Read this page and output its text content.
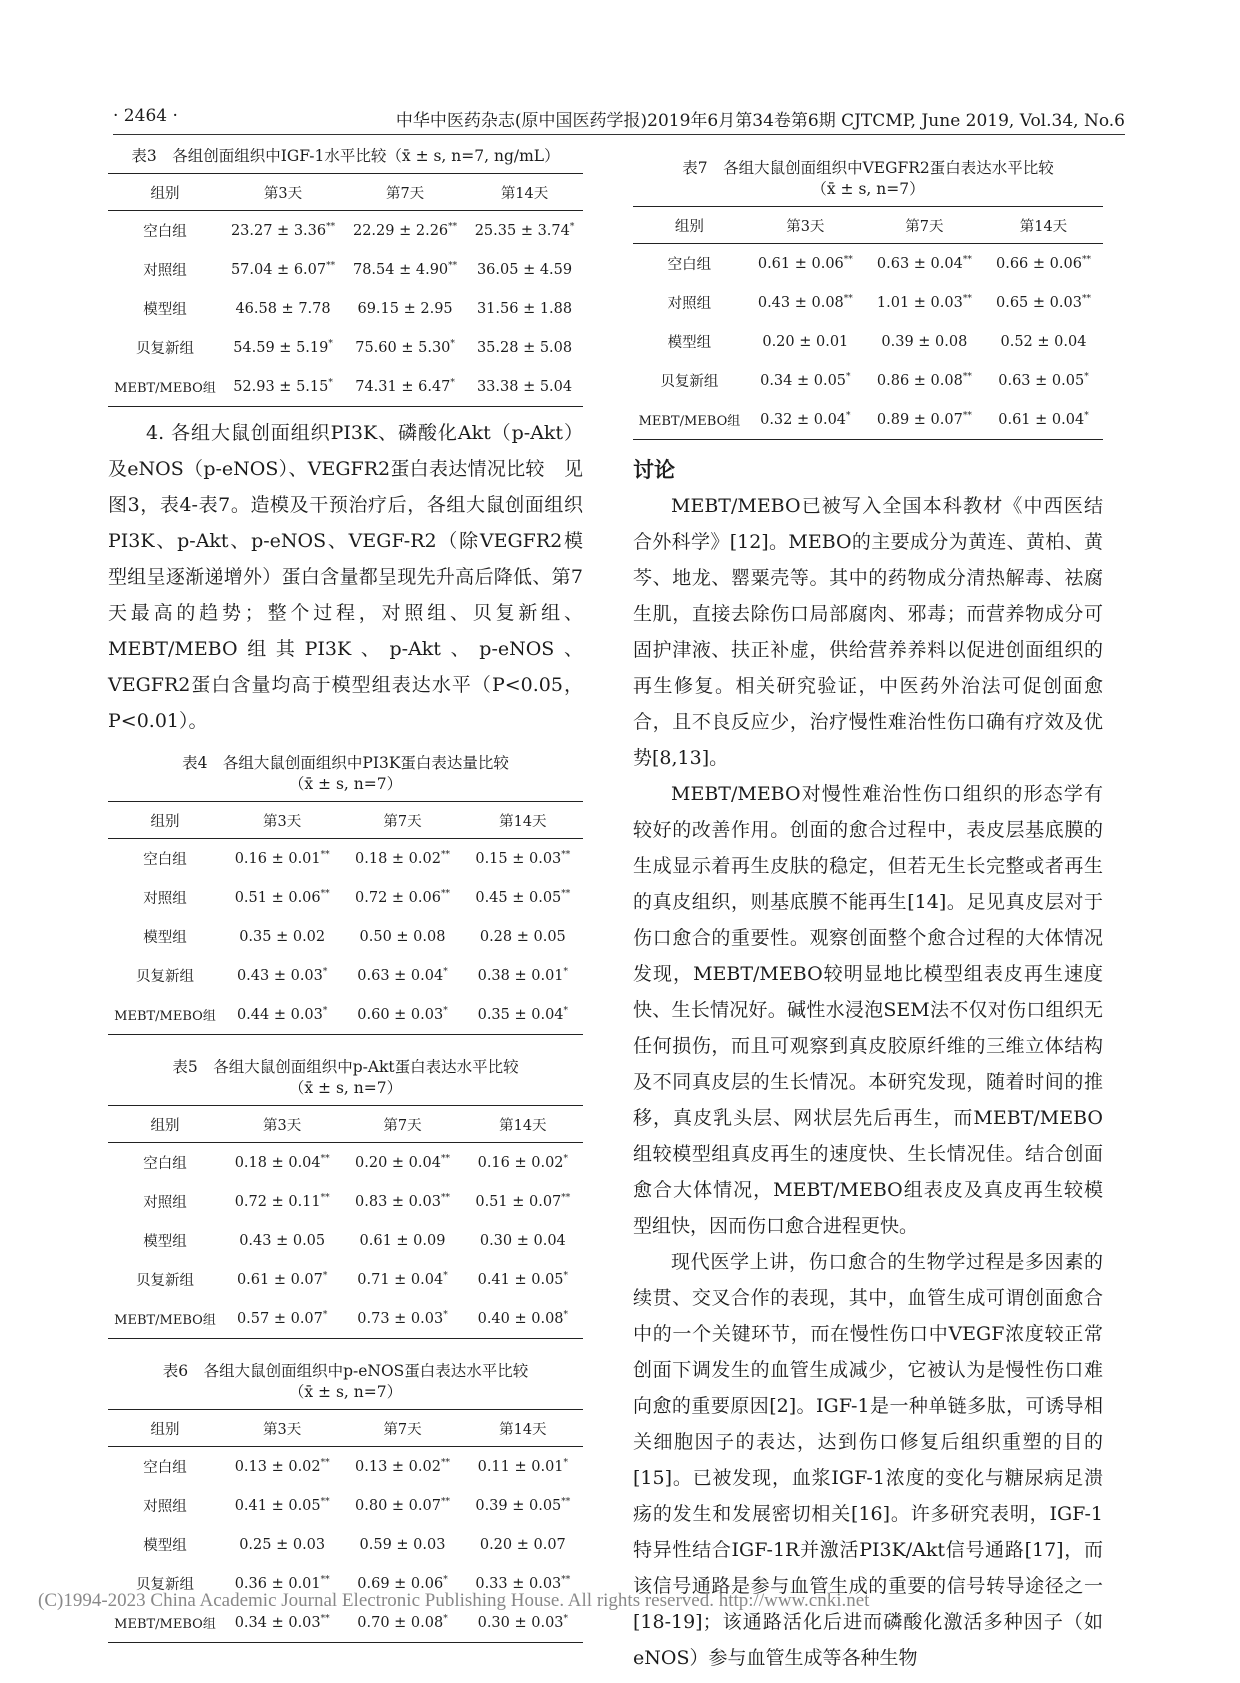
· 2464 ·	中华中医药杂志(原中国医药学报)2019年6月第34卷第6期 CJTCMP, June 2019, Vol.34, No.6

表3　各组创面组织中IGF-1水平比较（x̄ ± s, n=7, ng/mL）

组别	第3天	第7天	第14天
空白组	23.27 ± 3.36**	22.29 ± 2.26**	25.35 ± 3.74*
对照组	57.04 ± 6.07**	78.54 ± 4.90**	36.05 ± 4.59
模型组	46.58 ± 7.78	69.15 ± 2.95	31.56 ± 1.88
贝复新组	54.59 ± 5.19*	75.60 ± 5.30*	35.28 ± 5.08
MEBT/MEBO组	52.93 ± 5.15*	74.31 ± 6.47*	33.38 ± 5.04

4. 各组大鼠创面组织PI3K、磷酸化Akt（p-Akt）及eNOS（p-eNOS）、VEGFR2蛋白表达情况比较　见图3，表4-表7。造模及干预治疗后，各组大鼠创面组织PI3K、p-Akt、p-eNOS、VEGF-R2（除VEGFR2模型组呈逐渐递增外）蛋白含量都呈现先升高后降低、第7天最高的趋势；整个过程，对照组、贝复新组、MEBT/MEBO组其PI3K、p-Akt、p-eNOS、VEGFR2蛋白含量均高于模型组表达水平（P<0.05，P<0.01）。

表4　各组大鼠创面组织中PI3K蛋白表达量比较

（x̄ ± s, n=7）

组别	第3天	第7天	第14天
空白组	0.16 ± 0.01**	0.18 ± 0.02**	0.15 ± 0.03**
对照组	0.51 ± 0.06**	0.72 ± 0.06**	0.45 ± 0.05**
模型组	0.35 ± 0.02	0.50 ± 0.08	0.28 ± 0.05
贝复新组	0.43 ± 0.03*	0.63 ± 0.04*	0.38 ± 0.01*
MEBT/MEBO组	0.44 ± 0.03*	0.60 ± 0.03*	0.35 ± 0.04*

表5　各组大鼠创面组织中p-Akt蛋白表达水平比较

（x̄ ± s, n=7）

组别	第3天	第7天	第14天
空白组	0.18 ± 0.04**	0.20 ± 0.04**	0.16 ± 0.02*
对照组	0.72 ± 0.11**	0.83 ± 0.03**	0.51 ± 0.07**
模型组	0.43 ± 0.05	0.61 ± 0.09	0.30 ± 0.04
贝复新组	0.61 ± 0.07*	0.71 ± 0.04*	0.41 ± 0.05*
MEBT/MEBO组	0.57 ± 0.07*	0.73 ± 0.03*	0.40 ± 0.08*

表6　各组大鼠创面组织中p-eNOS蛋白表达水平比较

（x̄ ± s, n=7）

组别	第3天	第7天	第14天
空白组	0.13 ± 0.02**	0.13 ± 0.02**	0.11 ± 0.01*
对照组	0.41 ± 0.05**	0.80 ± 0.07**	0.39 ± 0.05**
模型组	0.25 ± 0.03	0.59 ± 0.03	0.20 ± 0.07
贝复新组	0.36 ± 0.01**	0.69 ± 0.06*	0.33 ± 0.03**
MEBT/MEBO组	0.34 ± 0.03**	0.70 ± 0.08*	0.30 ± 0.03*

表7　各组大鼠创面组织中VEGFR2蛋白表达水平比较

（x̄ ± s, n=7）

组别	第3天	第7天	第14天
空白组	0.61 ± 0.06**	0.63 ± 0.04**	0.66 ± 0.06**
对照组	0.43 ± 0.08**	1.01 ± 0.03**	0.65 ± 0.03**
模型组	0.20 ± 0.01	0.39 ± 0.08	0.52 ± 0.04
贝复新组	0.34 ± 0.05*	0.86 ± 0.08**	0.63 ± 0.05*
MEBT/MEBO组	0.32 ± 0.04*	0.89 ± 0.07**	0.61 ± 0.04*

讨论

MEBT/MEBO已被写入全国本科教材《中西医结合外科学》[12]。MEBO的主要成分为黄连、黄柏、黄芩、地龙、罂粟壳等。其中的药物成分清热解毒、祛腐生肌，直接去除伤口局部腐肉、邪毒；而营养物成分可固护津液、扶正补虚，供给营养养料以促进创面组织的再生修复。相关研究验证，中医药外治法可促创面愈合，且不良反应少，治疗慢性难治性伤口确有疗效及优势[8,13]。

MEBT/MEBO对慢性难治性伤口组织的形态学有较好的改善作用。创面的愈合过程中，表皮层基底膜的生成显示着再生皮肤的稳定，但若无生长完整或者再生的真皮组织，则基底膜不能再生[14]。足见真皮层对于伤口愈合的重要性。观察创面整个愈合过程的大体情况发现，MEBT/MEBO较明显地比模型组表皮再生速度快、生长情况好。碱性水浸泡SEM法不仅对伤口组织无任何损伤，而且可观察到真皮胶原纤维的三维立体结构及不同真皮层的生长情况。本研究发现，随着时间的推移，真皮乳头层、网状层先后再生，而MEBT/MEBO组较模型组真皮再生的速度快、生长情况佳。结合创面愈合大体情况，MEBT/MEBO组表皮及真皮再生较模型组快，因而伤口愈合进程更快。

现代医学上讲，伤口愈合的生物学过程是多因素的续贯、交叉合作的表现，其中，血管生成可谓创面愈合中的一个关键环节，而在慢性伤口中VEGF浓度较正常创面下调发生的血管生成减少，它被认为是慢性伤口难向愈的重要原因[2]。IGF-1是一种单链多肽，可诱导相关细胞因子的表达，达到伤口修复后组织重塑的目的[15]。已被发现，血浆IGF-1浓度的变化与糖尿病足溃疡的发生和发展密切相关[16]。许多研究表明，IGF-1特异性结合IGF-1R并激活PI3K/Akt信号通路[17]，而该信号通路是参与血管生成的重要的信号转导途径之一[18-19]；该通路活化后进而磷酸化激活多种因子（如eNOS）参与血管生成等各种生物

(C)1994-2023 China Academic Journal Electronic Publishing House. All rights reserved. http://www.cnki.net
